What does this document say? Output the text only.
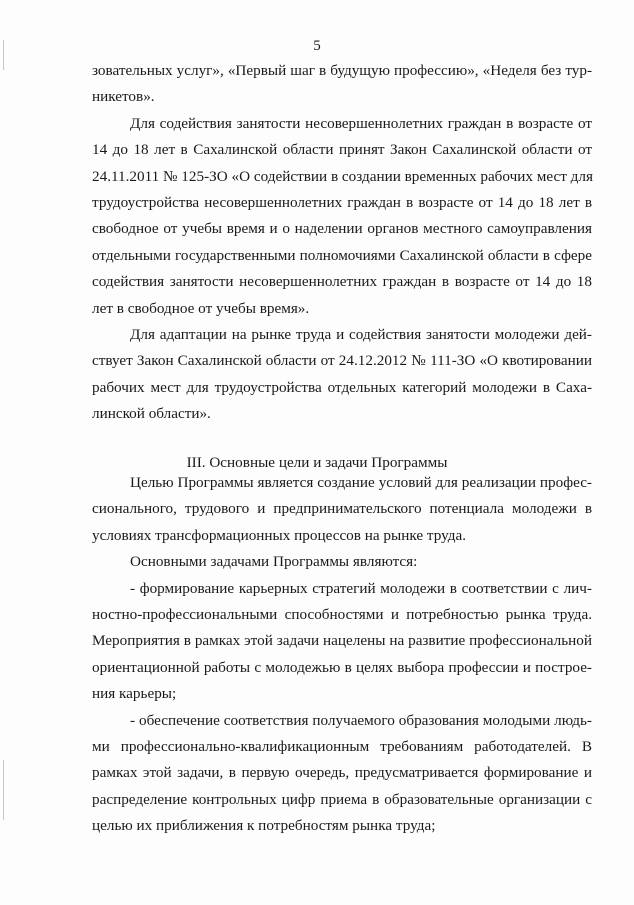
5
зовательных услуг», «Первый шаг в будущую профессию», «Неделя без тур-
никетов».
Для содействия занятости несовершеннолетних граждан в возрасте от
14 до 18 лет в Сахалинской области принят Закон Сахалинской области от
24.11.2011 № 125-ЗО «О содействии в создании временных рабочих мест для
трудоустройства несовершеннолетних граждан в возрасте от 14 до 18 лет в
свободное от учебы время и о наделении органов местного самоуправления
отдельными государственными полномочиями Сахалинской области в сфере
содействия занятости несовершеннолетних граждан в возрасте от 14 до 18
лет в свободное от учебы время».
Для адаптации на рынке труда и содействия занятости молодежи дей-
ствует Закон Сахалинской области от 24.12.2012 № 111-ЗО «О квотировании
рабочих мест для трудоустройства отдельных категорий молодежи в Саха-
линской области».
III. Основные цели и задачи Программы
Целью Программы является создание условий для реализации профес-
сионального, трудового и предпринимательского потенциала молодежи в
условиях трансформационных процессов на рынке труда.
Основными задачами Программы являются:
- формирование карьерных стратегий молодежи в соответствии с лич-
ностно-профессиональными способностями и потребностью рынка труда.
Мероприятия в рамках этой задачи нацелены на развитие профессиональной
ориентационной работы с молодежью в целях выбора профессии и построе-
ния карьеры;
- обеспечение соответствия получаемого образования молодыми людь-
ми профессионально-квалификационным требованиям работодателей. В
рамках этой задачи, в первую очередь, предусматривается формирование и
распределение контрольных цифр приема в образовательные организации с
целью их приближения к потребностям рынка труда;
